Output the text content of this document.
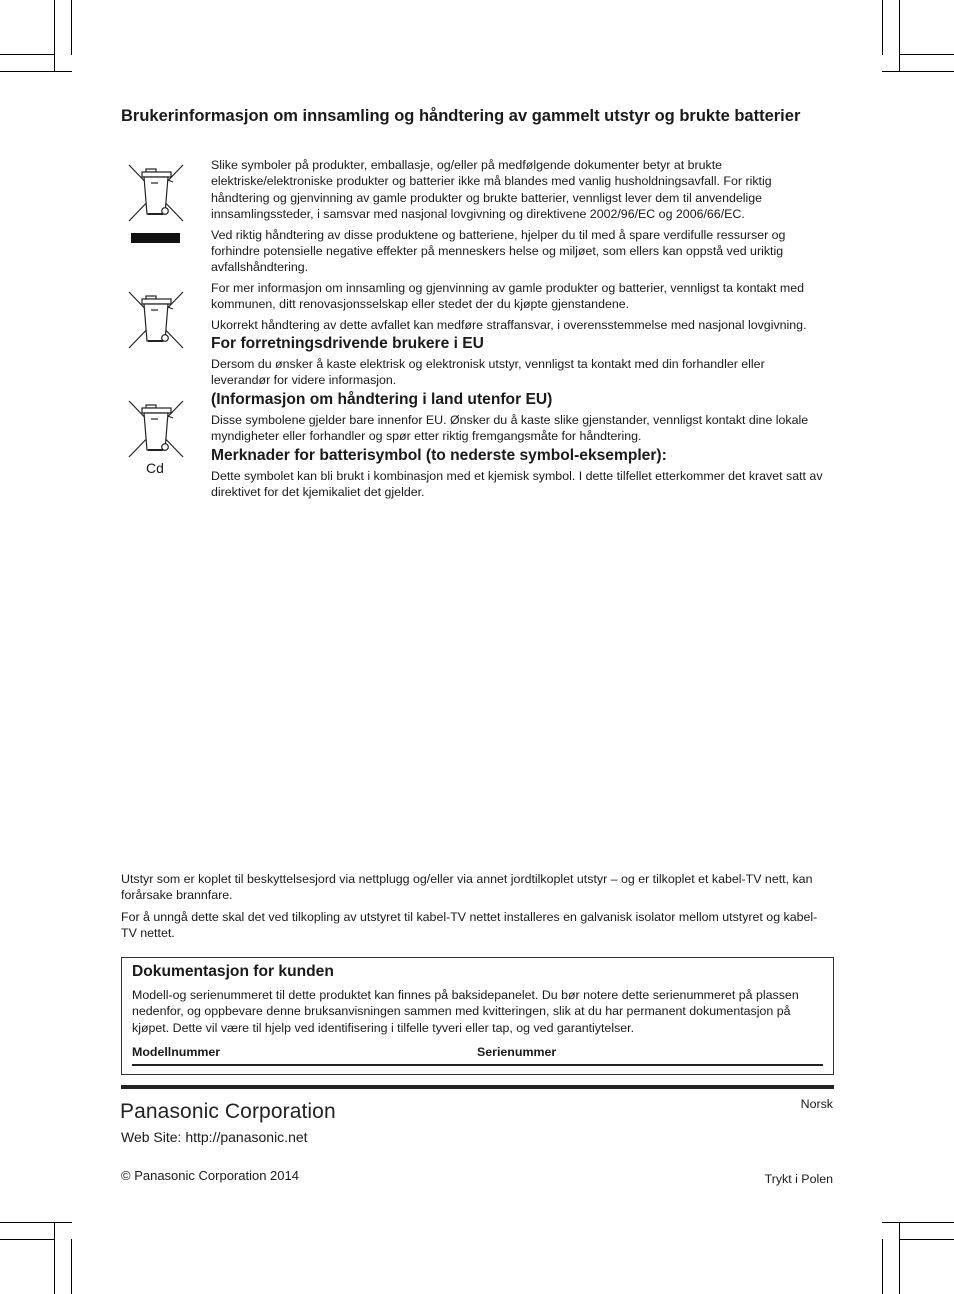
Brukerinformasjon om innsamling og håndtering av gammelt utstyr og brukte batterier
Cd

Slike symboler på produkter, emballasje, og/eller på medfølgende dokumenter betyr at brukte elektriske/elektroniske produkter og batterier ikke må blandes med vanlig husholdningsavfall. For riktig håndtering og gjenvinning av gamle produkter og brukte batterier, vennligst lever dem til anvendelige innsamlingssteder, i samsvar med nasjonal lovgivning og direktivene 2002/96/EC og 2006/66/EC.

Ved riktig håndtering av disse produktene og batteriene, hjelper du til med å spare verdifulle ressurser og forhindre potensielle negative effekter på menneskers helse og miljøet, som ellers kan oppstå ved uriktig avfallshåndtering.

For mer informasjon om innsamling og gjenvinning av gamle produkter og batterier, vennligst ta kontakt med kommunen, ditt renovasjonsselskap eller stedet der du kjøpte gjenstandene.

Ukorrekt håndtering av dette avfallet kan medføre straffansvar, i overensstemmelse med nasjonal lovgivning.

For forretningsdrivende brukere i EU

Dersom du ønsker å kaste elektrisk og elektronisk utstyr, vennligst ta kontakt med din forhandler eller leverandør for videre informasjon.

(Informasjon om håndtering i land utenfor EU)

Disse symbolene gjelder bare innenfor EU. Ønsker du å kaste slike gjenstander, vennligst kontakt dine lokale myndigheter eller forhandler og spør etter riktig fremgangsmåte for håndtering.

Merknader for batterisymbol (to nederste symbol-eksempler):

Dette symbolet kan bli brukt i kombinasjon med et kjemisk symbol. I dette tilfellet etterkommer det kravet satt av direktivet for det kjemikaliet det gjelder.

Utstyr som er koplet til beskyttelsesjord via nettplugg og/eller via annet jordtilkoplet utstyr – og er tilkoplet et kabel-TV nett, kan forårsake brannfare.

For å unngå dette skal det ved tilkopling av utstyret til kabel-TV nettet installeres en galvanisk isolator mellom utstyret og kabel-TV nettet.

Dokumentasjon for kunden
Modell-og serienummeret til dette produktet kan finnes på baksidepanelet. Du bør notere dette serienummeret på plassen nedenfor, og oppbevare denne bruksanvisningen sammen med kvitteringen, slik at du har permanent dokumentasjon på kjøpet. Dette vil være til hjelp ved identifisering i tilfelle tyveri eller tap, og ved garantiytelser.
Modellnummer	Serienummer
Panasonic Corporation
Web Site: http://panasonic.net
© Panasonic Corporation 2014
Norsk
Trykt i Polen
